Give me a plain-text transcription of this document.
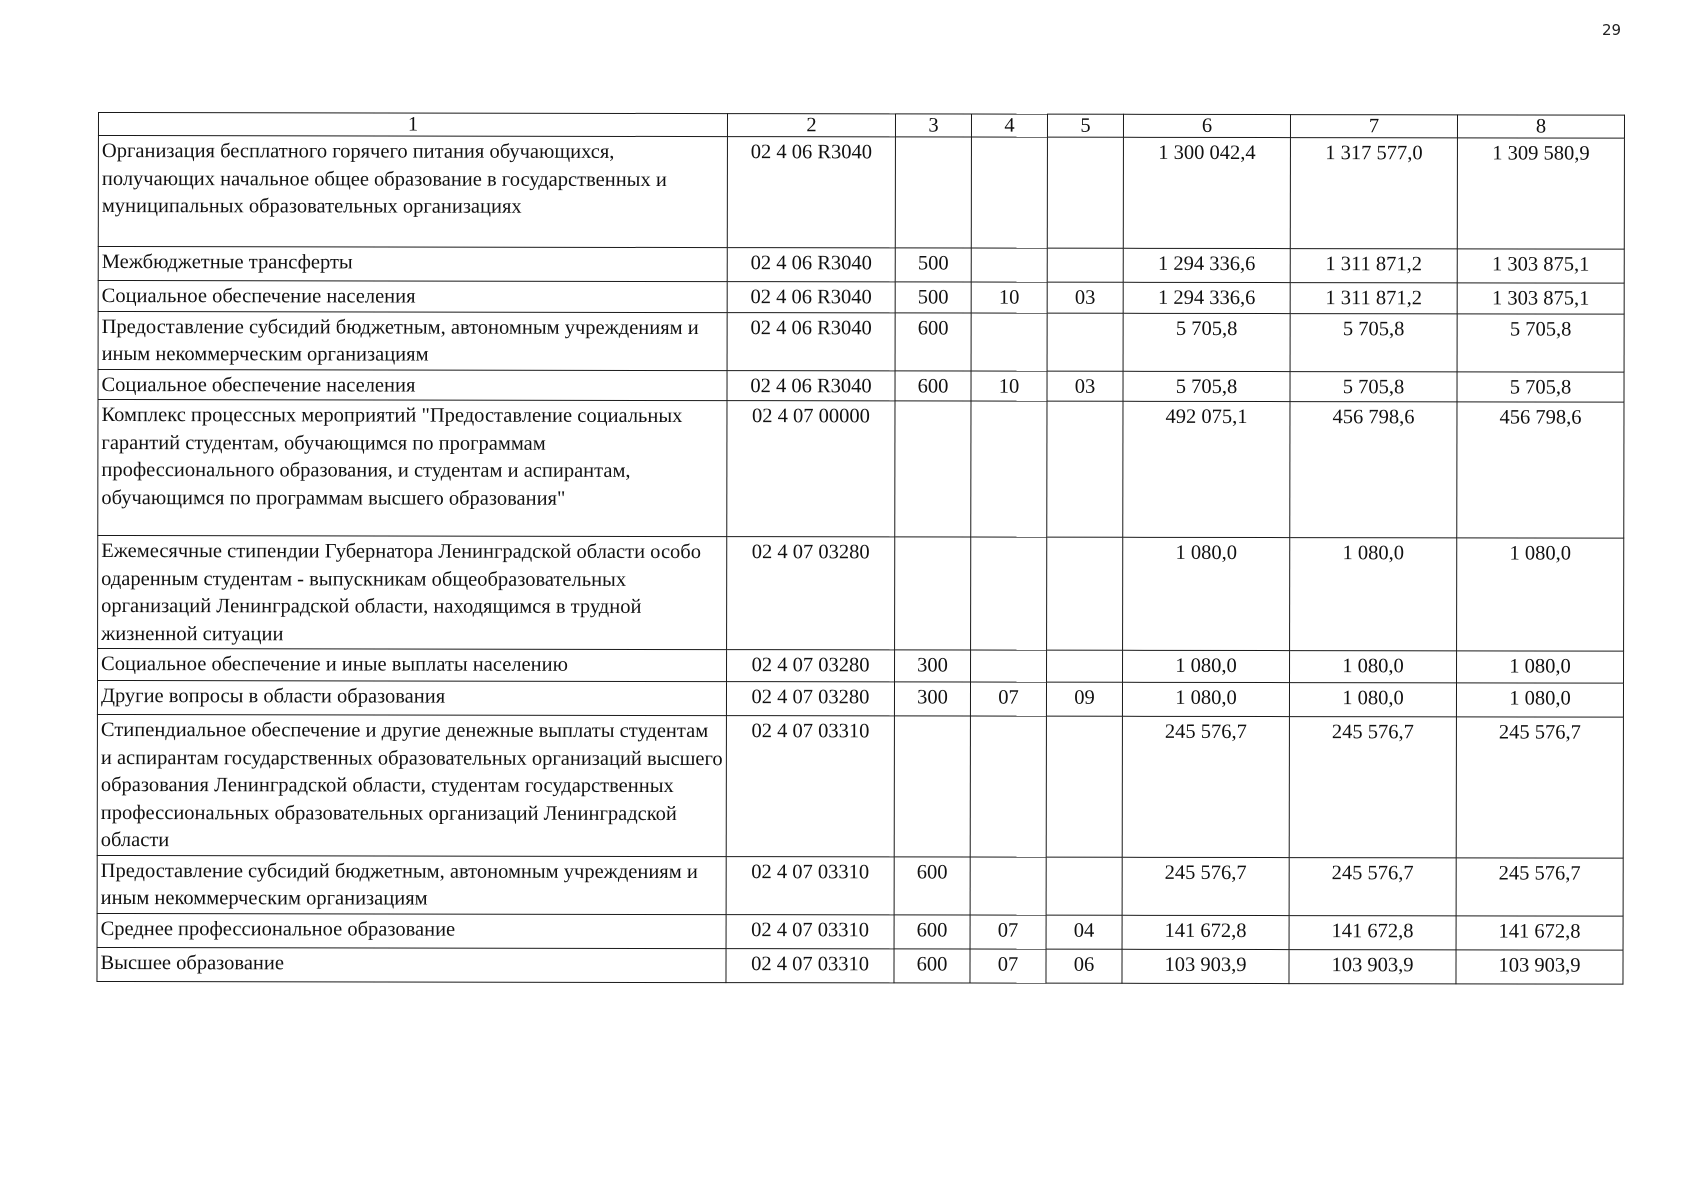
29
1	2	3	4	5	6	7	8
Организация бесплатного горячего питания обучающихся, получающих начальное общее образование в государственных и муниципальных образовательных организациях	02 4 06 R3040				1 300 042,4	1 317 577,0	1 309 580,9
Межбюджетные трансферты	02 4 06 R3040	500			1 294 336,6	1 311 871,2	1 303 875,1
Социальное обеспечение населения	02 4 06 R3040	500	10	03	1 294 336,6	1 311 871,2	1 303 875,1
Предоставление субсидий бюджетным, автономным учреждениям и иным некоммерческим организациям	02 4 06 R3040	600			5 705,8	5 705,8	5 705,8
Социальное обеспечение населения	02 4 06 R3040	600	10	03	5 705,8	5 705,8	5 705,8
Комплекс процессных мероприятий "Предоставление социальных гарантий студентам, обучающимся по программам профессионального образования, и студентам и аспирантам, обучающимся по программам высшего образования"	02 4 07 00000				492 075,1	456 798,6	456 798,6
Ежемесячные стипендии Губернатора Ленинградской области особо одаренным студентам - выпускникам общеобразовательных организаций Ленинградской области, находящимся в трудной жизненной ситуации	02 4 07 03280				1 080,0	1 080,0	1 080,0
Социальное обеспечение и иные выплаты населению	02 4 07 03280	300			1 080,0	1 080,0	1 080,0
Другие вопросы в области образования	02 4 07 03280	300	07	09	1 080,0	1 080,0	1 080,0
Стипендиальное обеспечение и другие денежные выплаты студентам и аспирантам государственных образовательных организаций высшего образования Ленинградской области, студентам государственных профессиональных образовательных организаций Ленинградской области	02 4 07 03310				245 576,7	245 576,7	245 576,7
Предоставление субсидий бюджетным, автономным учреждениям и иным некоммерческим организациям	02 4 07 03310	600			245 576,7	245 576,7	245 576,7
Среднее профессиональное образование	02 4 07 03310	600	07	04	141 672,8	141 672,8	141 672,8
Высшее образование	02 4 07 03310	600	07	06	103 903,9	103 903,9	103 903,9
